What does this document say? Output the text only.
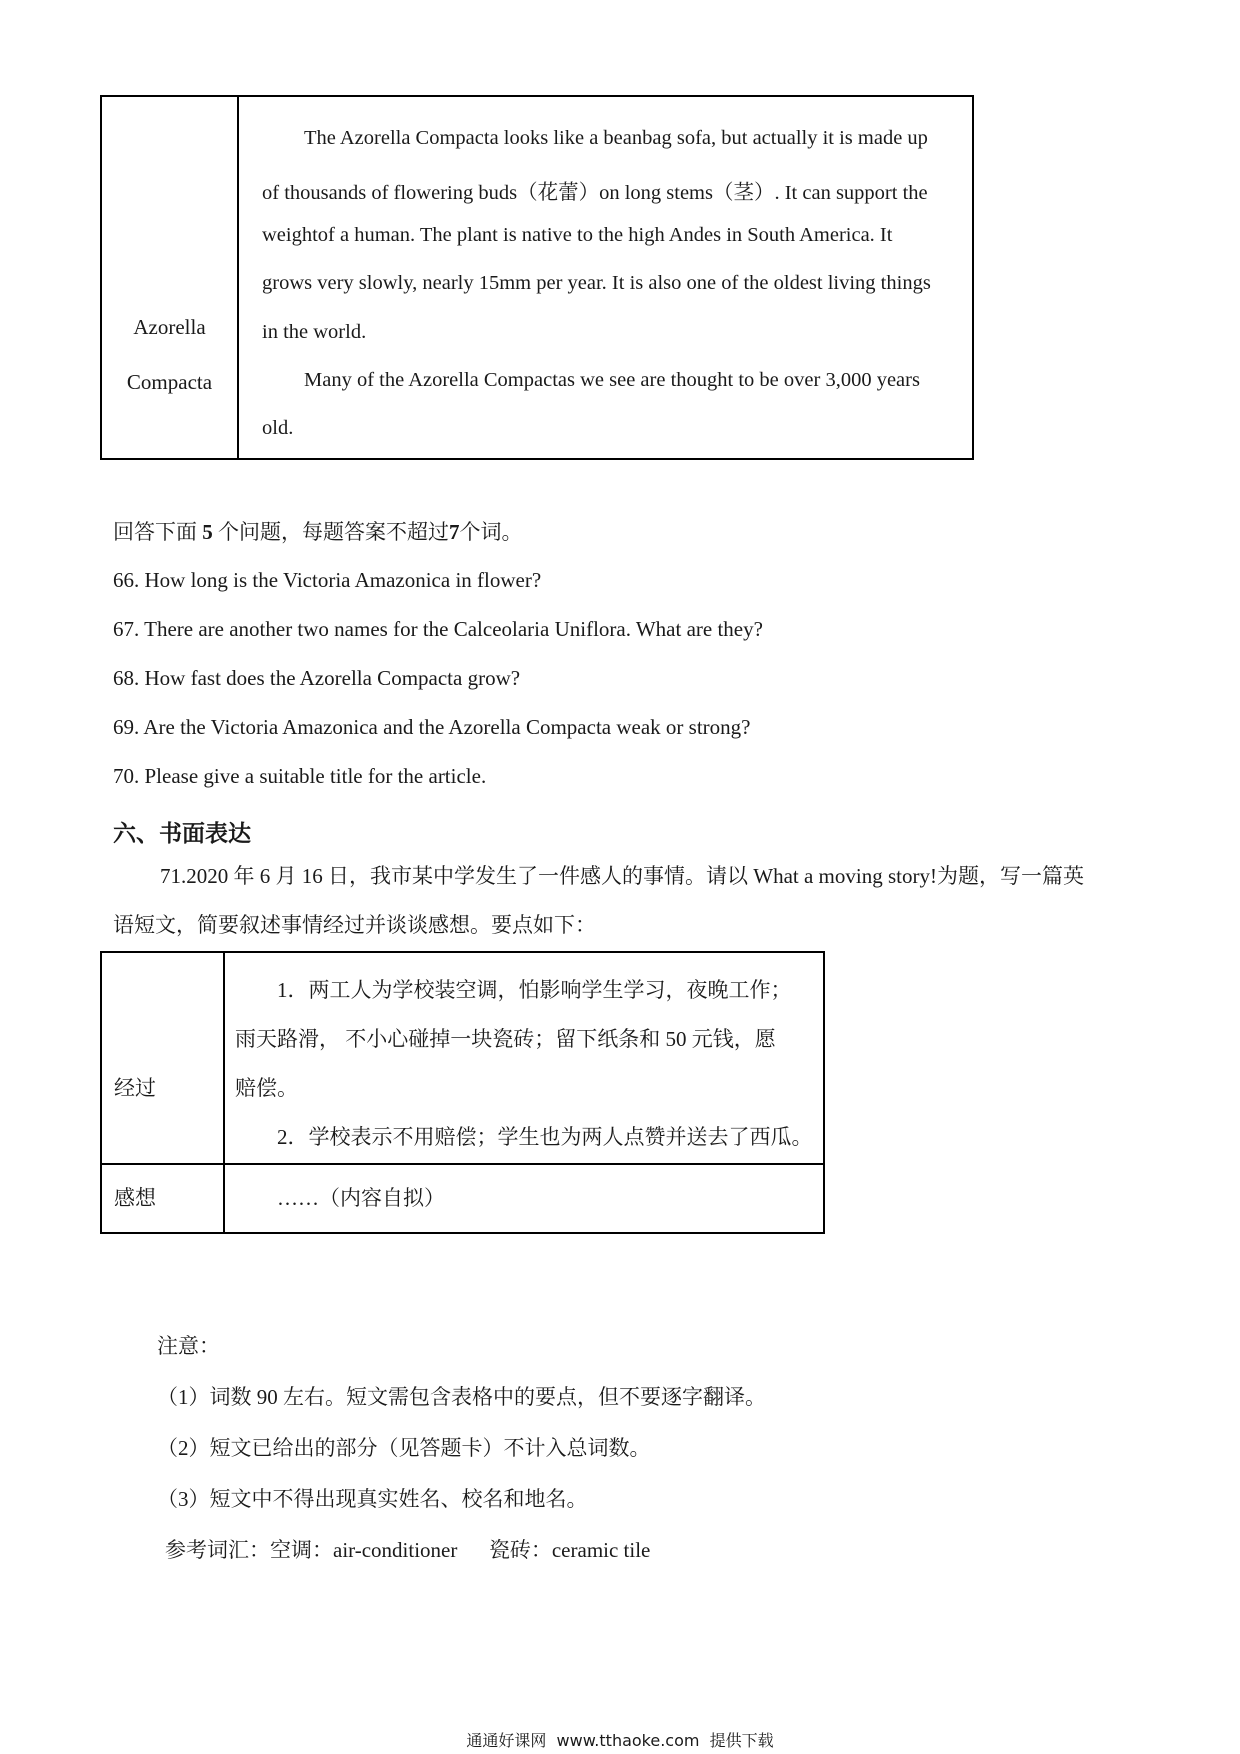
Azorella
Compacta
The Azorella Compacta looks like a beanbag sofa, but actually it is made up
of thousands of flowering buds（花蕾）on long stems（茎）. It can support the
weightof a human. The plant is native to the high Andes in South America. It
grows very slowly, nearly 15mm per year. It is also one of the oldest living things
in the world.
Many of the Azorella Compactas we see are thought to be over 3,000 years
old.
回答下面 5 个问题，每题答案不超过7个词。
66. How long is the Victoria Amazonica in flower?
67. There are another two names for the Calceolaria Uniflora. What are they?
68. How fast does the Azorella Compacta grow?
69. Are the Victoria Amazonica and the Azorella Compacta weak or strong?
70. Please give a suitable title for the article.
六、书面表达
71.2020 年 6 月 16 日，我市某中学发生了一件感人的事情。请以 What a moving story!为题，写一篇英
语短文，简要叙述事情经过并谈谈感想。要点如下：
经过
1．两工人为学校装空调，怕影响学生学习，夜晚工作；
雨天路滑， 不小心碰掉一块瓷砖；留下纸条和 50 元钱，愿
赔偿。
2．学校表示不用赔偿；学生也为两人点赞并送去了西瓜。
感想	……（内容自拟）
注意：
（1）词数 90 左右。短文需包含表格中的要点，但不要逐字翻译。
（2）短文已给出的部分（见答题卡）不计入总词数。
（3）短文中不得出现真实姓名、校名和地名。
参考词汇：空调：air-conditioner      瓷砖：ceramic tile
通通好课网  www.tthaoke.com  提供下载
